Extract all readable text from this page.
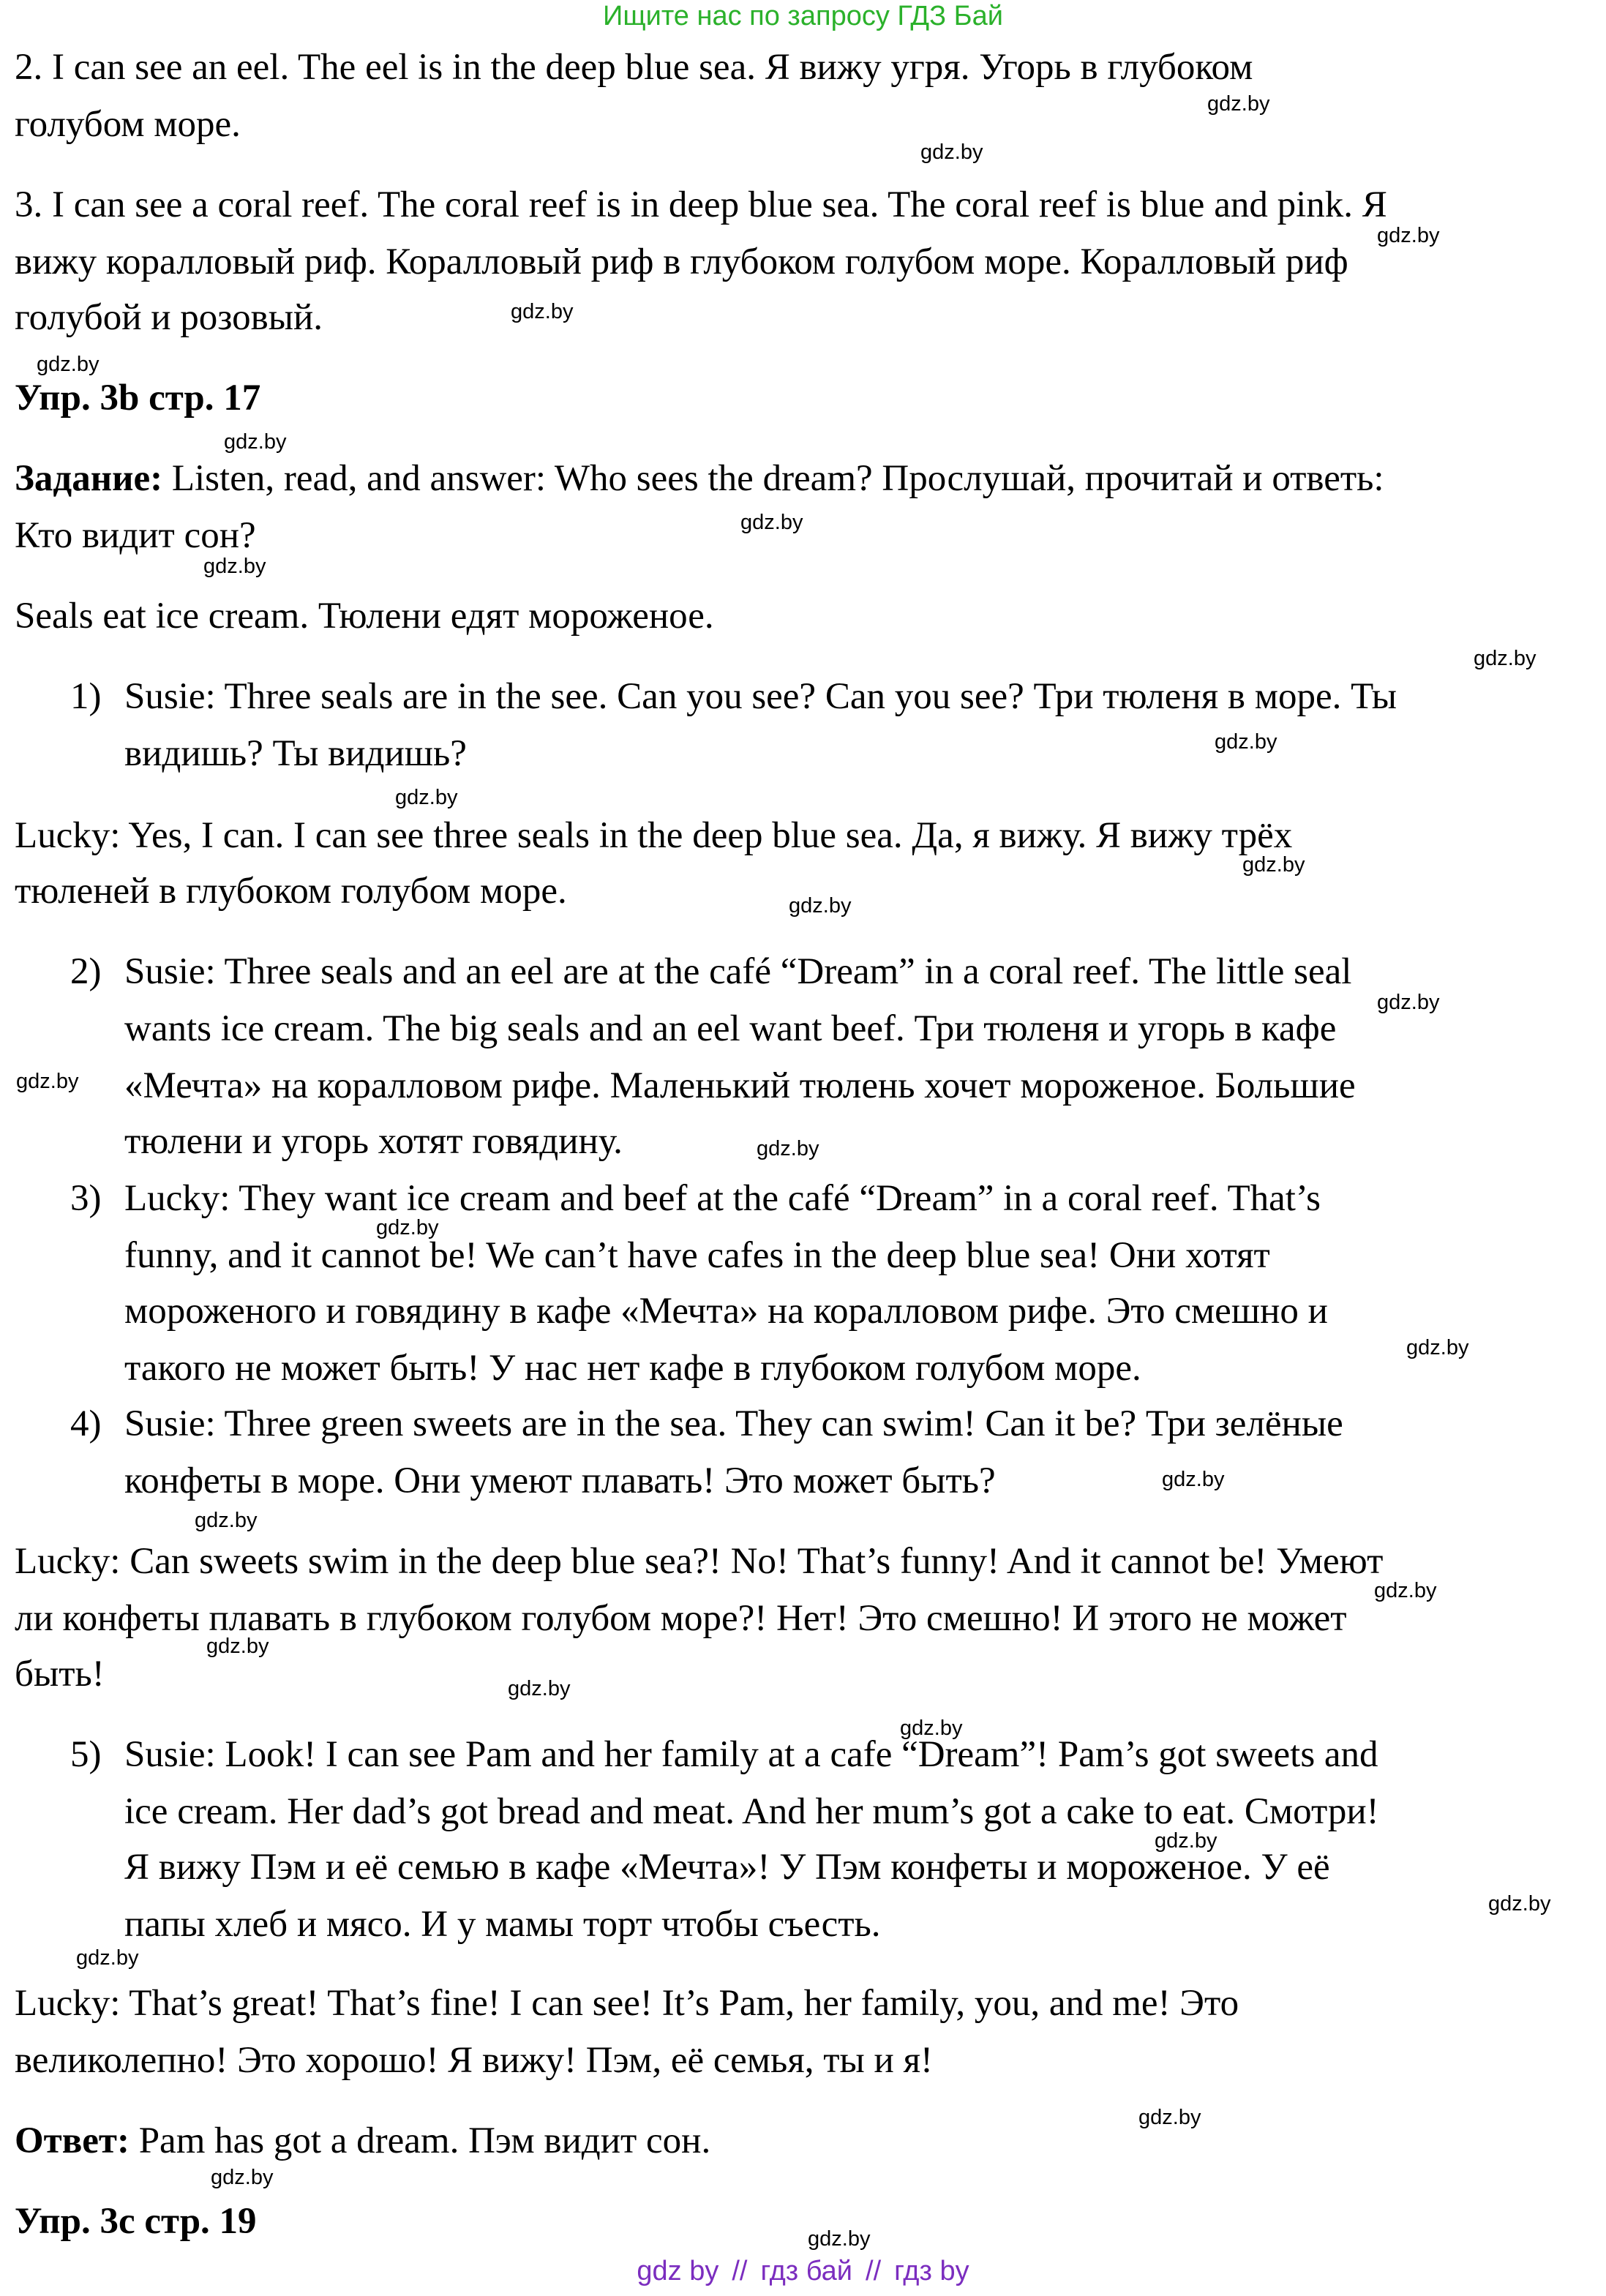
Ищите нас по запросу ГДЗ Бай
2. I can see an eel. The eel is in the deep blue sea. Я вижу угря. Угорь в глубоком
голубом море.
3. I can see a coral reef. The coral reef is in deep blue sea. The coral reef is blue and pink. Я
вижу коралловый риф. Коралловый риф в глубоком голубом море. Коралловый риф
голубой и розовый.
Упр. 3b стр. 17
Задание: Listen, read, and answer: Who sees the dream? Прослушай, прочитай и ответь:
Кто видит сон?
Seals eat ice cream. Тюлени едят мороженое.
1) Susie: Three seals are in the see. Can you see? Can you see? Три тюленя в море. Ты
видишь? Ты видишь?
Lucky: Yes, I can. I can see three seals in the deep blue sea. Да, я вижу. Я вижу трёх
тюленей в глубоком голубом море.
2) Susie: Three seals and an eel are at the café “Dream” in a coral reef. The little seal
wants ice cream. The big seals and an eel want beef. Три тюленя и угорь в кафе
«Мечта» на коралловом рифе. Маленький тюлень хочет мороженое. Большие
тюлени и угорь хотят говядину.
3) Lucky: They want ice cream and beef at the café “Dream” in a coral reef. That’s
funny, and it cannot be! We can’t have cafes in the deep blue sea! Они хотят
мороженого и говядину в кафе «Мечта» на коралловом рифе. Это смешно и
такого не может быть! У нас нет кафе в глубоком голубом море.
4) Susie: Three green sweets are in the sea. They can swim! Can it be? Три зелёные
конфеты в море. Они умеют плавать! Это может быть?
Lucky: Can sweets swim in the deep blue sea?! No! That’s funny! And it cannot be! Умеют
ли конфеты плавать в глубоком голубом море?! Нет! Это смешно! И этого не может
быть!
5) Susie: Look! I can see Pam and her family at a cafe “Dream”! Pam’s got sweets and
ice cream. Her dad’s got bread and meat. And her mum’s got a cake to eat. Смотри!
Я вижу Пэм и её семью в кафе «Мечта»! У Пэм конфеты и мороженое. У её
папы хлеб и мясо. И у мамы торт чтобы съесть.
Lucky: That’s great! That’s fine! I can see! It’s Pam, her family, you, and me! Это
великолепно! Это хорошо! Я вижу! Пэм, её семья, ты и я!
Ответ: Pam has got a dream. Пэм видит сон.
Упр. 3с стр. 19
gdz.by
gdz.by
gdz.by
gdz.by
gdz.by
gdz.by
gdz.by
gdz.by
gdz.by
gdz.by
gdz.by
gdz.by
gdz.by
gdz.by
gdz.by
gdz.by
gdz.by
gdz.by
gdz.by
gdz.by
gdz.by
gdz.by
gdz.by
gdz.by
gdz.by
gdz.by
gdz.by
gdz.by
gdz.by
gdz.by
gdz by // гдз бай // гдз by
